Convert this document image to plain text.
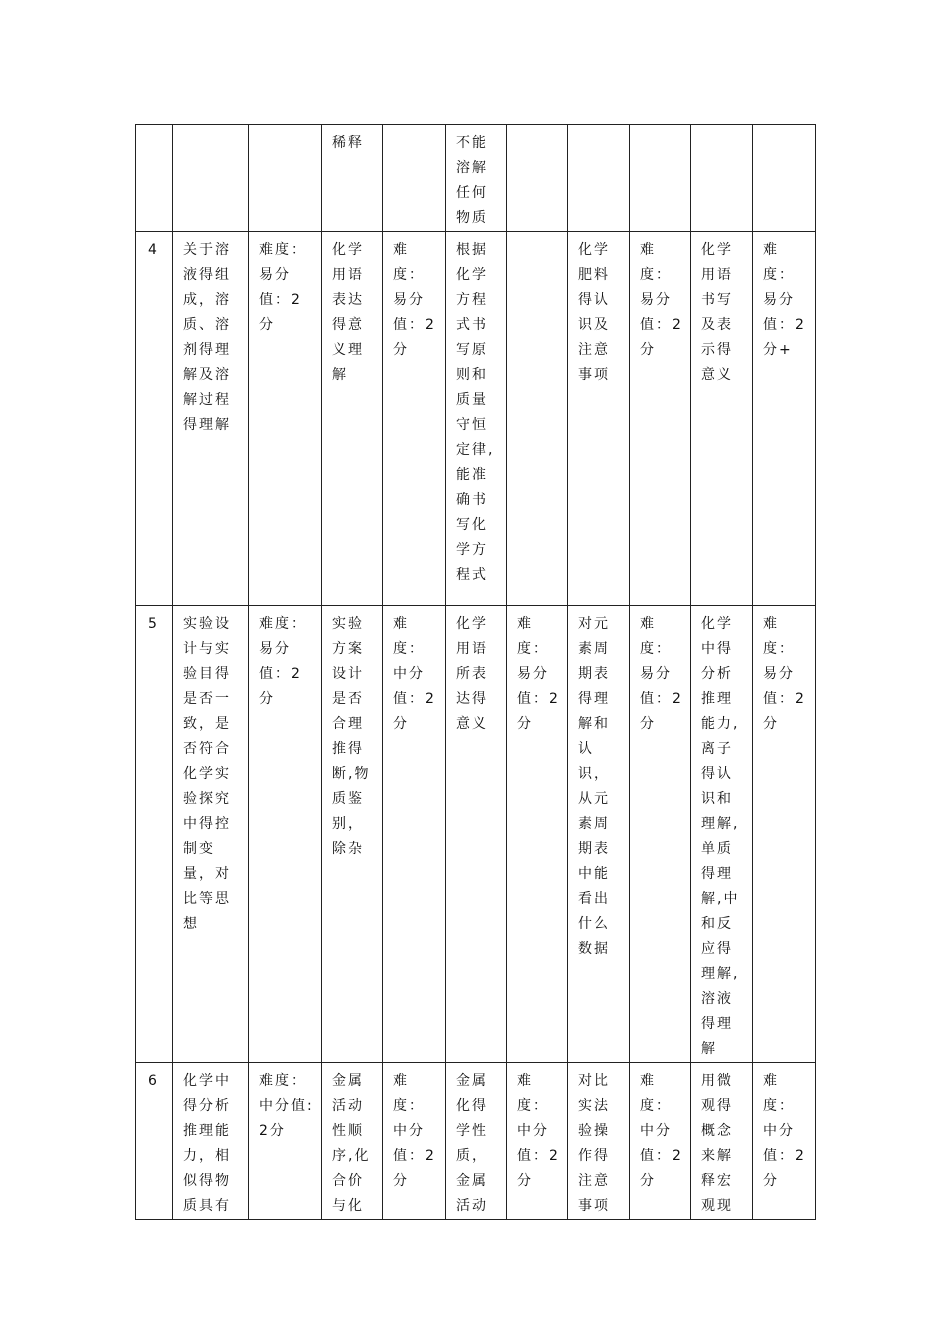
			稀释		不能溶解任何物质					
4	关于溶液得组成，溶质、溶剂得理解及溶解过程得理解	难度：易分值：2分	化学用语表达得意义理解	难度：易分值：2分	根据化学方程式书写原则和质量守恒定律,能准确书写化学方程式		化学肥料得认识及注意事项	难度：易分值：2分	化学用语书写及表示得意义	难度：易分值：2分+
5	实验设计与实验目得是否一致，是否符合化学实验探究中得控制变量，对比等思想	难度：易分值：2分	实验方案设计是否合理推得断,物质鉴别，除杂	难度：中分值：2分	化学用语所表达得意义	难度：易分值：2分	对元素周期表得理解和认识，从元素周期表中能看出什么数据	难度：易分值：2分	化学中得分析推理能力,离子得认识和理解,单质得理解,中和反应得理解,溶液得理解	难度：易分值：2分
6	化学中得分析推理能力，相似得物质具有	难度：中分值:2分	金属活动性顺序,化合价与化	难度：中分值：2分	金属化得学性质，金属活动	难度：中分值：2分	对比实法验操作得注意事项	难度：中分值：2分	用微观得概念来解释宏观现	难度：中分值：2分
